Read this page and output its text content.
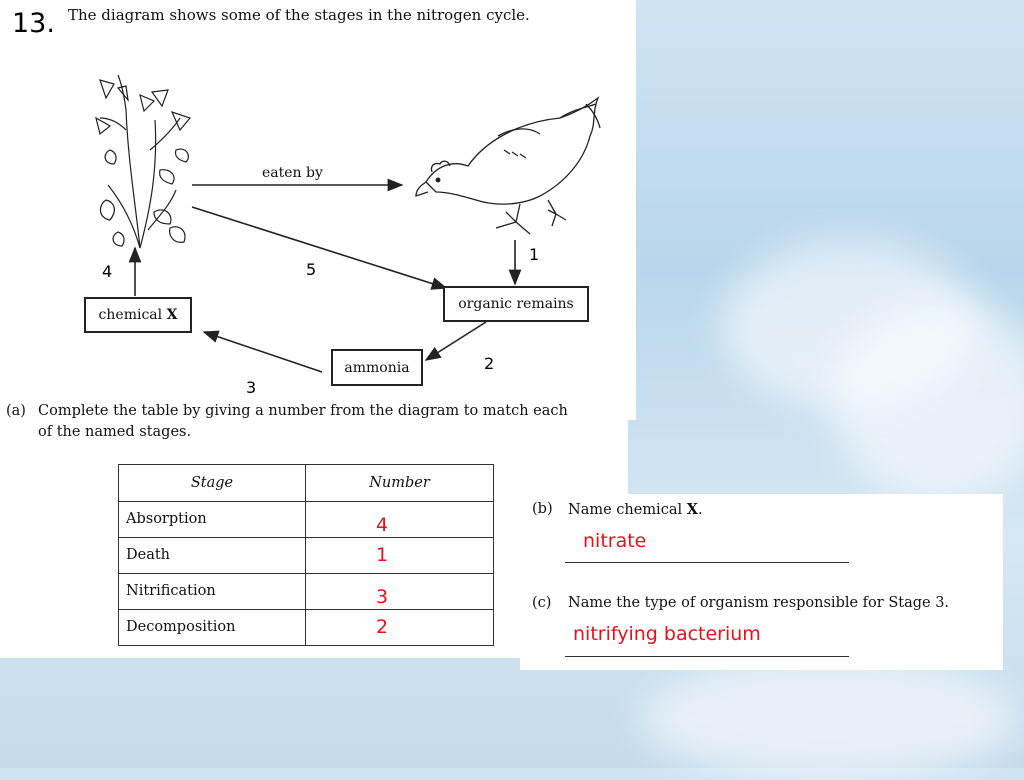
13. The diagram shows some of the stages in the nitrogen cycle.
eaten by
chemical
X
organic remains
ammonia
1
2
3
4	5
(a) Complete the table by giving a number from the diagram to match each
of the named stages.
Stage	Number
Absorption	4

Death	1

Nitrification	3

Decomposition	2
(b) Name chemical X.
nitrate
(c) Name the type of organism responsible for Stage 3.
nitrifying bacterium
